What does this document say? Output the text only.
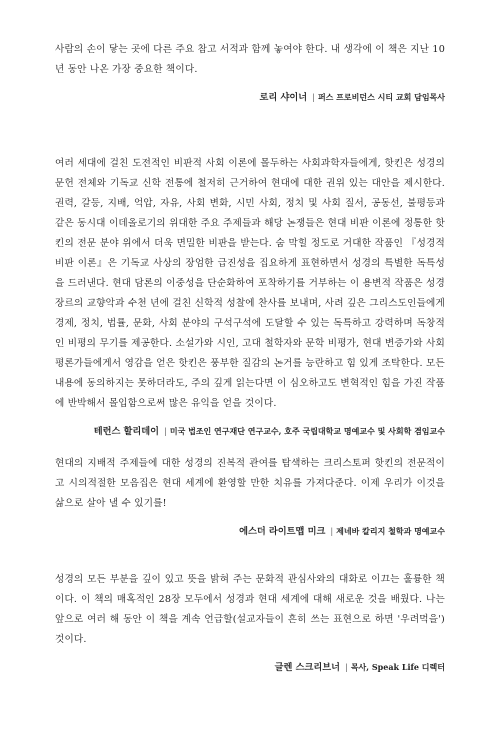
사람의 손이 닿는 곳에 다른 주요 참고 서적과 함께 놓여야 한다. 내 생각에 이 책은 지난 10년 동안 나온 가장 중요한 책이다.

로리 샤이너 | 퍼스 프로비던스 시티 교회 담임목사

여러 세대에 걸친 도전적인 비판적 사회 이론에 몰두하는 사회과학자들에게, 핫킨은 성경의 문헌 전체와 기독교 신학 전통에 철저히 근거하여 현대에 대한 권위 있는 대안을 제시한다. 권력, 갈등, 지배, 억압, 자유, 사회 변화, 시민 사회, 정치 및 사회 질서, 공동선, 불평등과 같은 동시대 이데올로기의 위대한 주요 주제들과 해당 논쟁들은 현대 비판 이론에 정통한 핫킨의 전문 분야 위에서 더욱 면밀한 비판을 받는다. 숨 막힐 정도로 거대한 작품인 『성경적 비판 이론』은 기독교 사상의 장엄한 급진성을 집요하게 표현하면서 성경의 특별한 독특성을 드러낸다. 현대 담론의 이중성을 단순화하여 포착하기를 거부하는 이 용변적 작품은 성경 장르의 교향악과 수천 년에 걸친 신학적 성찰에 찬사를 보내며, 사려 깊은 그리스도인들에게 경제, 정치, 법률, 문화, 사회 분야의 구석구석에 도달할 수 있는 독특하고 강력하며 독창적인 비평의 무기를 제공한다. 소설가와 시인, 고대 철학자와 문학 비평가, 현대 변증가와 사회 평론가들에게서 영감을 얻은 핫킨은 풍부한 질감의 논거를 능란하고 힘 있게 조탁한다. 모든 내용에 동의하지는 못하더라도, 주의 깊게 읽는다면 이 심오하고도 변혁적인 힘을 가진 작품에 반박해서 몰입함으로써 많은 유익을 얻을 것이다.

테런스 할리데이 | 미국 법조인 연구재단 연구교수, 호주 국립대학교 명예교수 및 사회학 겸임교수

현대의 지배적 주제들에 대한 성경의 진복적 관여를 탐색하는 크리스토퍼 핫킨의 전문적이고 시의적절한 모음집은 현대 세계에 환영할 만한 치유를 가져다준다. 이제 우리가 이것을 삶으로 살아 낼 수 있기를!

에스더 라이트맵 미크 | 제네바 칼리지 철학과 명예교수

성경의 모든 부분을 깊이 있고 뜻을 밝혀 주는 문화적 관심사와의 대화로 이끄는 훌륭한 책이다. 이 책의 매혹적인 28장 모두에서 성경과 현대 세계에 대해 새로운 것을 배웠다. 나는 앞으로 여러 해 동안 이 책을 계속 언급할(설교자들이 흔히 쓰는 표현으로 하면 '우려먹을') 것이다.

글렌 스크리브너 | 목사, Speak Life 디렉터
